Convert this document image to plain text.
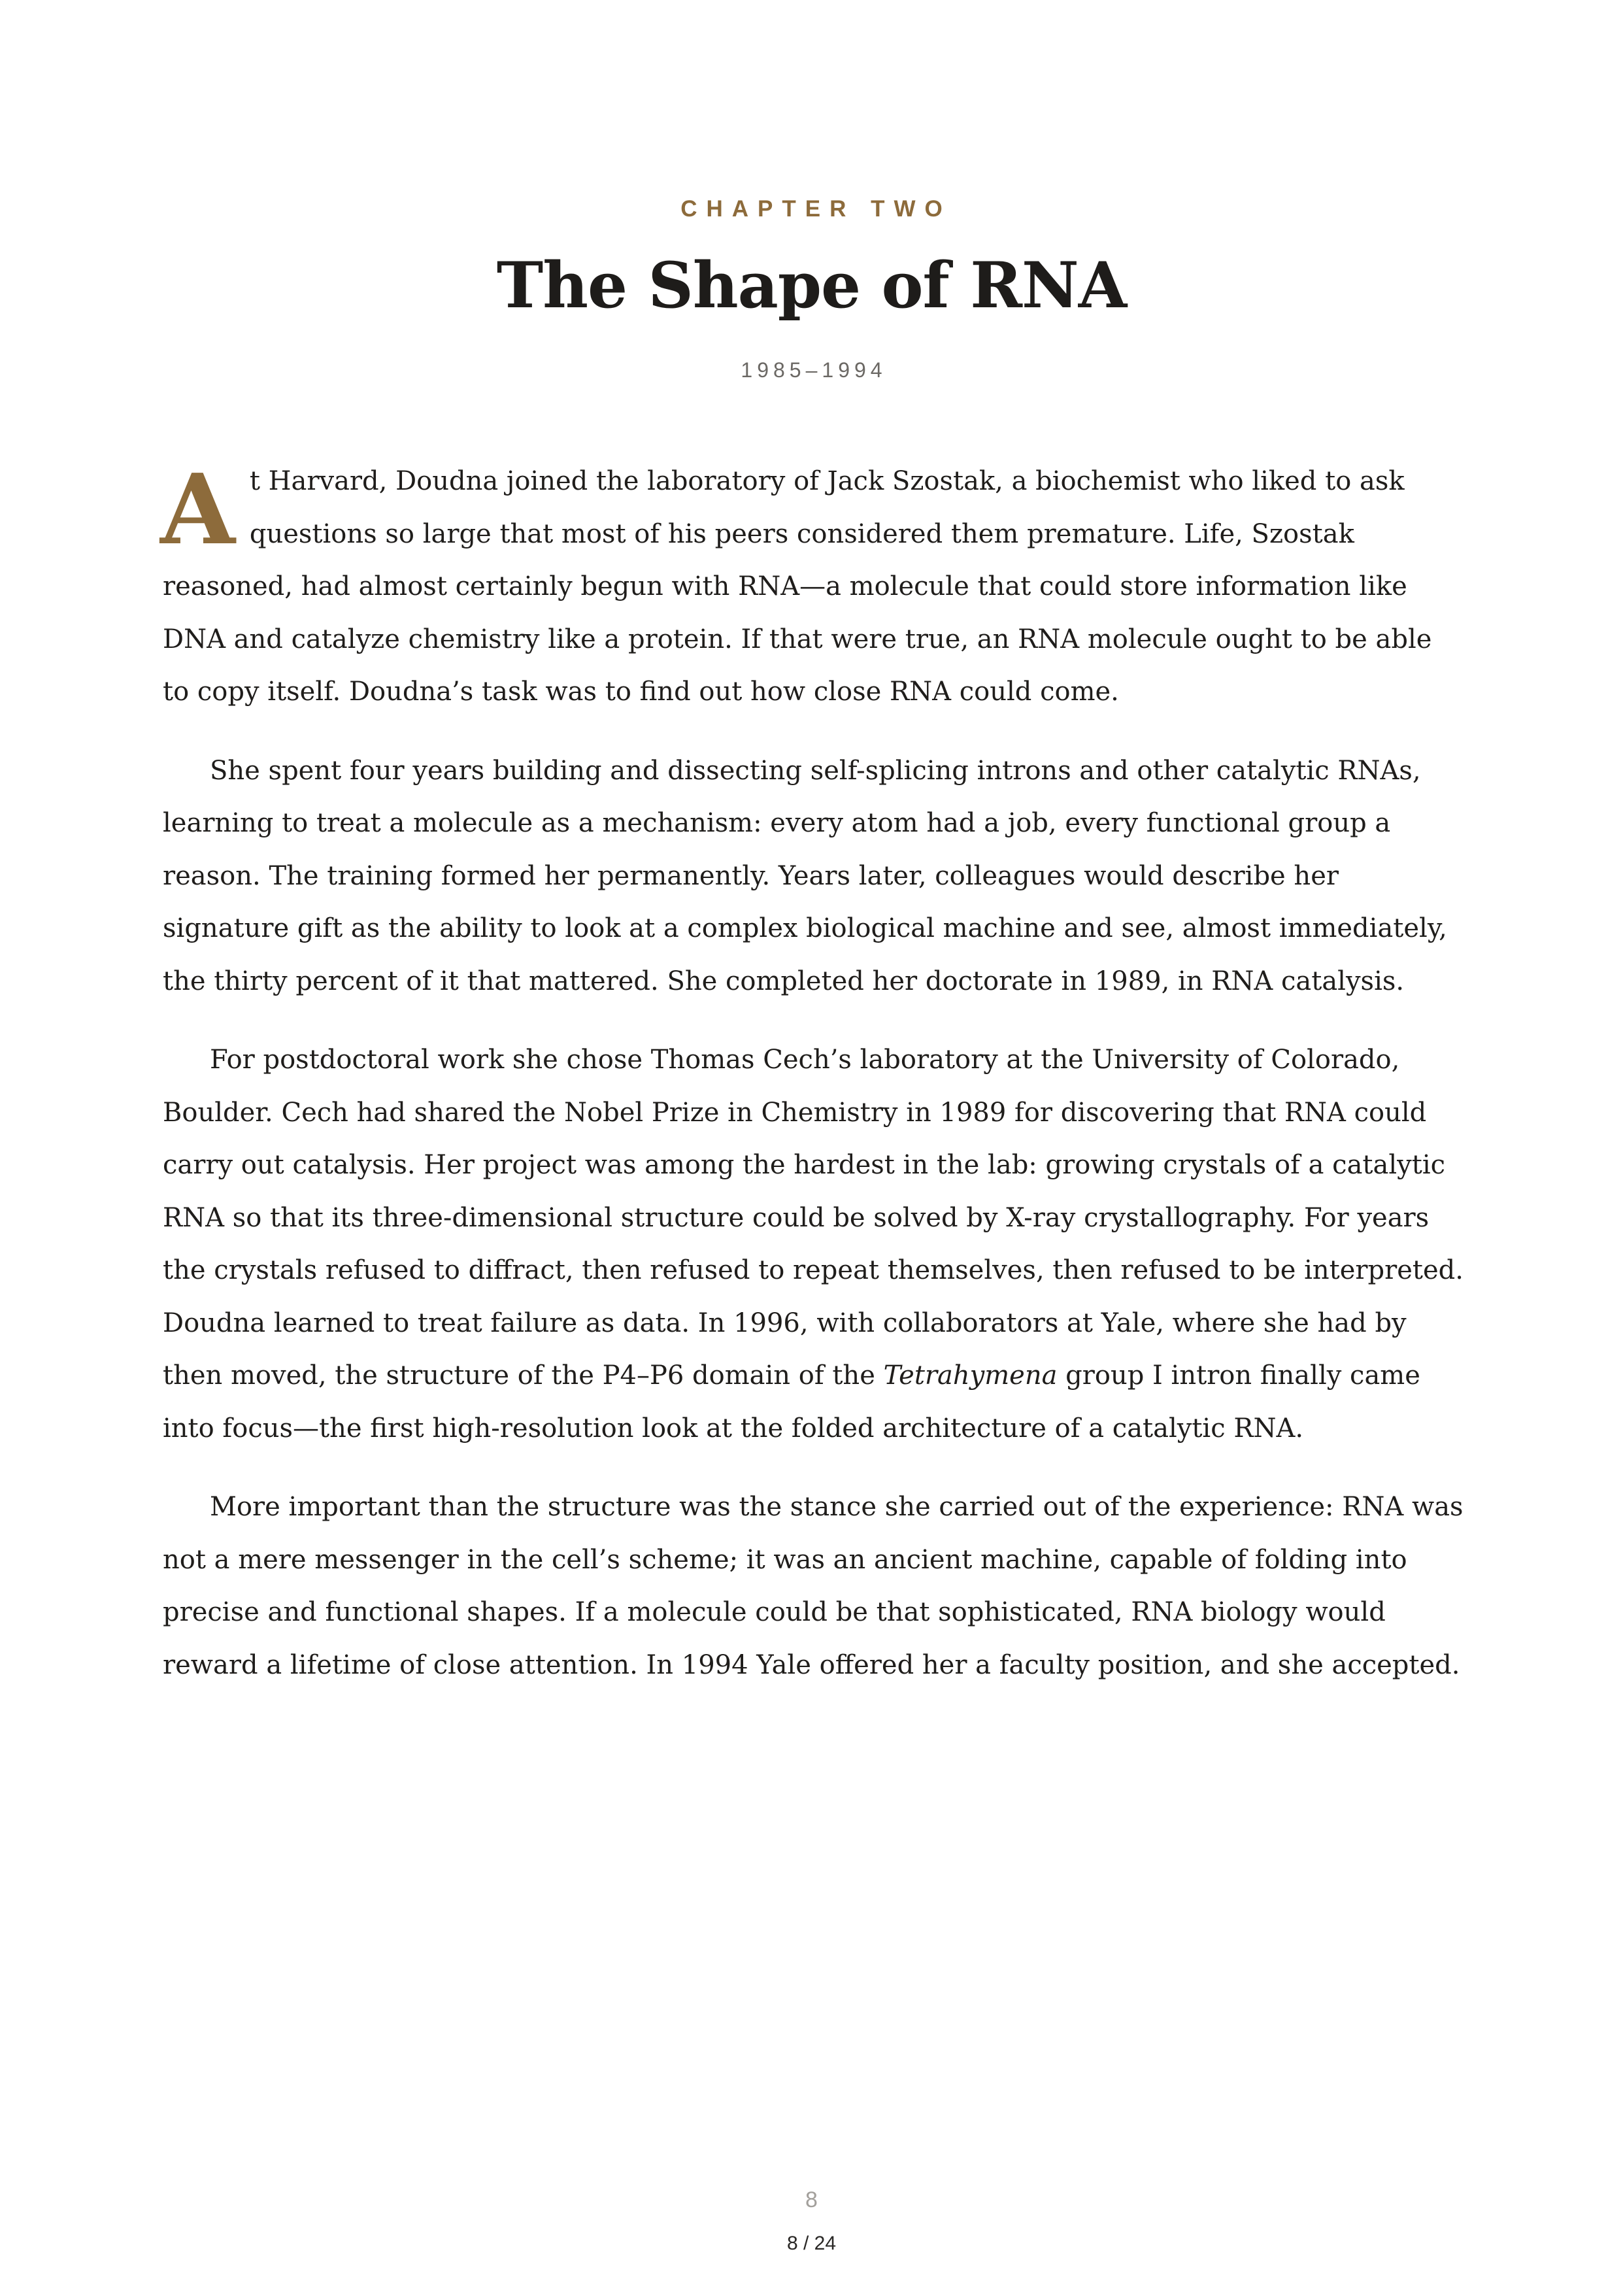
CHAPTER TWO
The Shape of RNA
1985–1994

At Harvard, Doudna joined the laboratory of Jack Szostak, a biochemist who liked to ask questions so large that most of his peers considered them premature. Life, Szostak reasoned, had almost certainly begun with RNA—a molecule that could store information like DNA and catalyze chemistry like a protein. If that were true, an RNA molecule ought to be able to copy itself. Doudna’s task was to find out how close RNA could come.

She spent four years building and dissecting self-splicing introns and other catalytic RNAs, learning to treat a molecule as a mechanism: every atom had a job, every functional group a reason. The training formed her permanently. Years later, colleagues would describe her signature gift as the ability to look at a complex biological machine and see, almost immediately, the thirty percent of it that mattered. She completed her doctorate in 1989, in RNA catalysis.

For postdoctoral work she chose Thomas Cech’s laboratory at the University of Colorado, Boulder. Cech had shared the Nobel Prize in Chemistry in 1989 for discovering that RNA could carry out catalysis. Her project was among the hardest in the lab: growing crystals of a catalytic RNA so that its three-dimensional structure could be solved by X-ray crystallography. For years the crystals refused to diffract, then refused to repeat themselves, then refused to be interpreted. Doudna learned to treat failure as data. In 1996, with collaborators at Yale, where she had by then moved, the structure of the P4–P6 domain of the Tetrahymena group I intron finally came into focus—the first high-resolution look at the folded architecture of a catalytic RNA.

More important than the structure was the stance she carried out of the experience: RNA was not a mere messenger in the cell’s scheme; it was an ancient machine, capable of folding into precise and functional shapes. If a molecule could be that sophisticated, RNA biology would reward a lifetime of close attention. In 1994 Yale offered her a faculty position, and she accepted.

8
8 / 24
